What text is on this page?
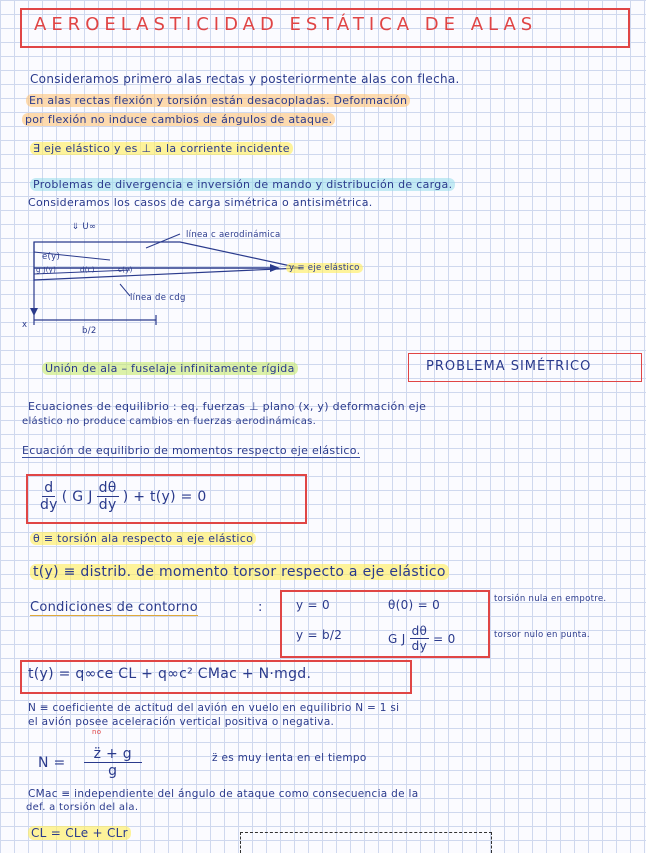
AEROELASTICIDAD ESTÁTICA DE ALAS
Consideramos primero alas rectas y posteriormente alas con flecha.
En alas rectas flexión y torsión están desacopladas. Deformación
por flexión no induce cambios de ángulos de ataque.
∃ eje elástico y es ⊥ a la corriente incidente
Problemas de divergencia e inversión de mando y distribución de carga.
Consideramos los casos de carga simétrica o antisimétrica.
⇓ U∞
línea c aerodinámica
y ≡ eje elástico
línea de cdg
e(y)
g J(y)	d(c)	c(y)
x
b/2
Unión de ala – fuselaje infinitamente rígida	PROBLEMA SIMÉTRICO
Ecuaciones de equilibrio : eq. fuerzas ⊥ plano (x, y) deformación eje
elástico no produce cambios en fuerzas aerodinámicas.
Ecuación de equilibrio de momentos respecto eje elástico.
$\frac{d}{dy}$ ( G J $\frac{d\theta}{dy}$ ) + t(y) = 0
θ ≡ torsión ala respecto a eje elástico
t(y) ≡ distrib. de momento torsor respecto a eje elástico
Condiciones de contorno	:	y = 0	θ(0) = 0
y = b/2	G J $\frac{d\theta}{dy} = 0$
torsión nula en empotre.
torsor nulo en punta.
t(y) = q∞ce CL + q∞c² CMac + N·mgd.
N ≡ coeficiente de actitud del avión en vuelo en equilibrio N = 1 si
el avión posee aceleración vertical positiva o negativa.
no
$N = \frac{z̈ + g}{g}$	z̈ es muy lenta en el tiempo
CMac ≡ independiente del ángulo de ataque como consecuencia de la
def. a torsión del ala.
CL = CLe + CLr
